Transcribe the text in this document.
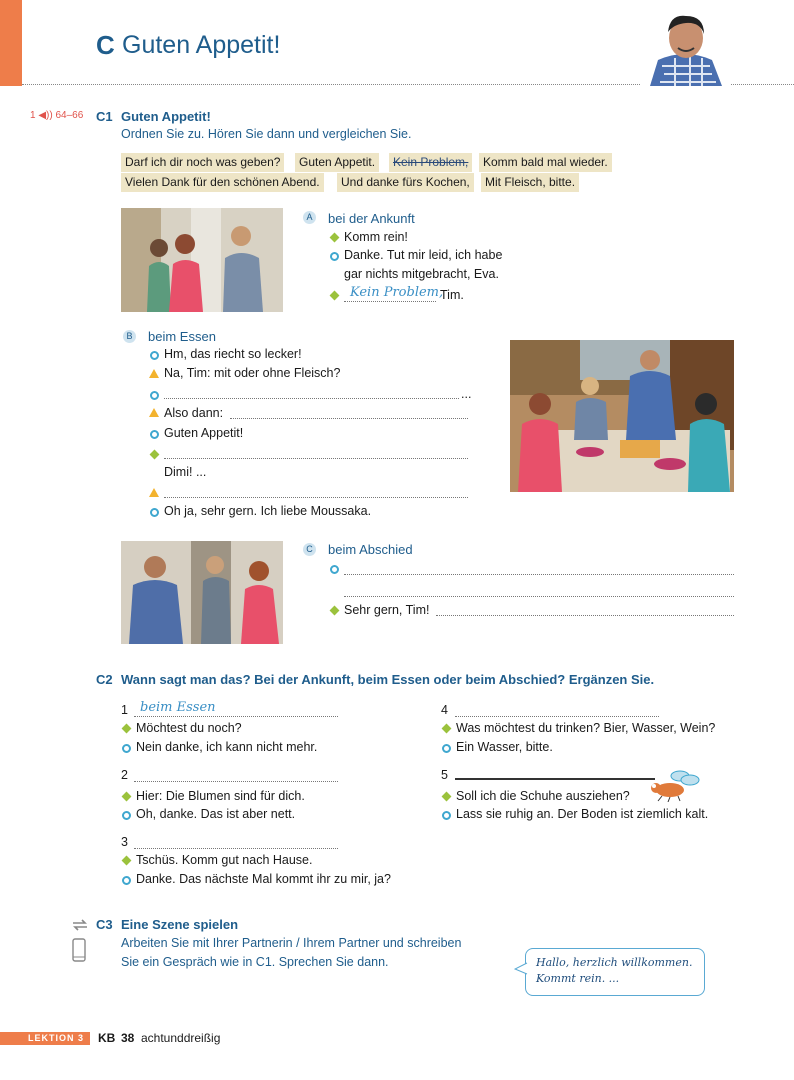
C Guten Appetit!
1 ◀)) 64–66 C1 Guten Appetit!
Ordnen Sie zu. Hören Sie dann und vergleichen Sie.
Darf ich dir noch was geben?	Guten Appetit.	Kein Problem,	Komm bald mal wieder.
Vielen Dank für den schönen Abend.	Und danke fürs Kochen,	Mit Fleisch, bitte.
A bei der Ankunft
Komm rein!
Danke. Tut mir leid, ich habe
gar nichts mitgebracht, Eva.
Kein Problem,
Tim.
B beim Essen
Hm, das riecht so lecker!
Na, Tim: mit oder ohne Fleisch?
...
Also dann:
Guten Appetit!
Dimi! ...
Oh ja, sehr gern. Ich liebe Moussaka.
C beim Abschied
Sehr gern, Tim!
C2 Wann sagt man das? Bei der Ankunft, beim Essen oder beim Abschied? Ergänzen Sie.
1 beim Essen
Möchtest du noch?
Nein danke, ich kann nicht mehr.
2
Hier: Die Blumen sind für dich.
Oh, danke. Das ist aber nett.
3
Tschüs. Komm gut nach Hause.
Danke. Das nächste Mal kommt ihr zu mir, ja?
4
Was möchtest du trinken? Bier, Wasser, Wein?
Ein Wasser, bitte.
5
Soll ich die Schuhe ausziehen?
Lass sie ruhig an. Der Boden ist ziemlich kalt.
C3 Eine Szene spielen
Arbeiten Sie mit Ihrer Partnerin / Ihrem Partner und schreiben
Sie ein Gespräch wie in C1. Sprechen Sie dann.	Hallo, herzlich willkommen.
Kommt rein. ...
LEKTION 3	KB 38 achtunddreißig
